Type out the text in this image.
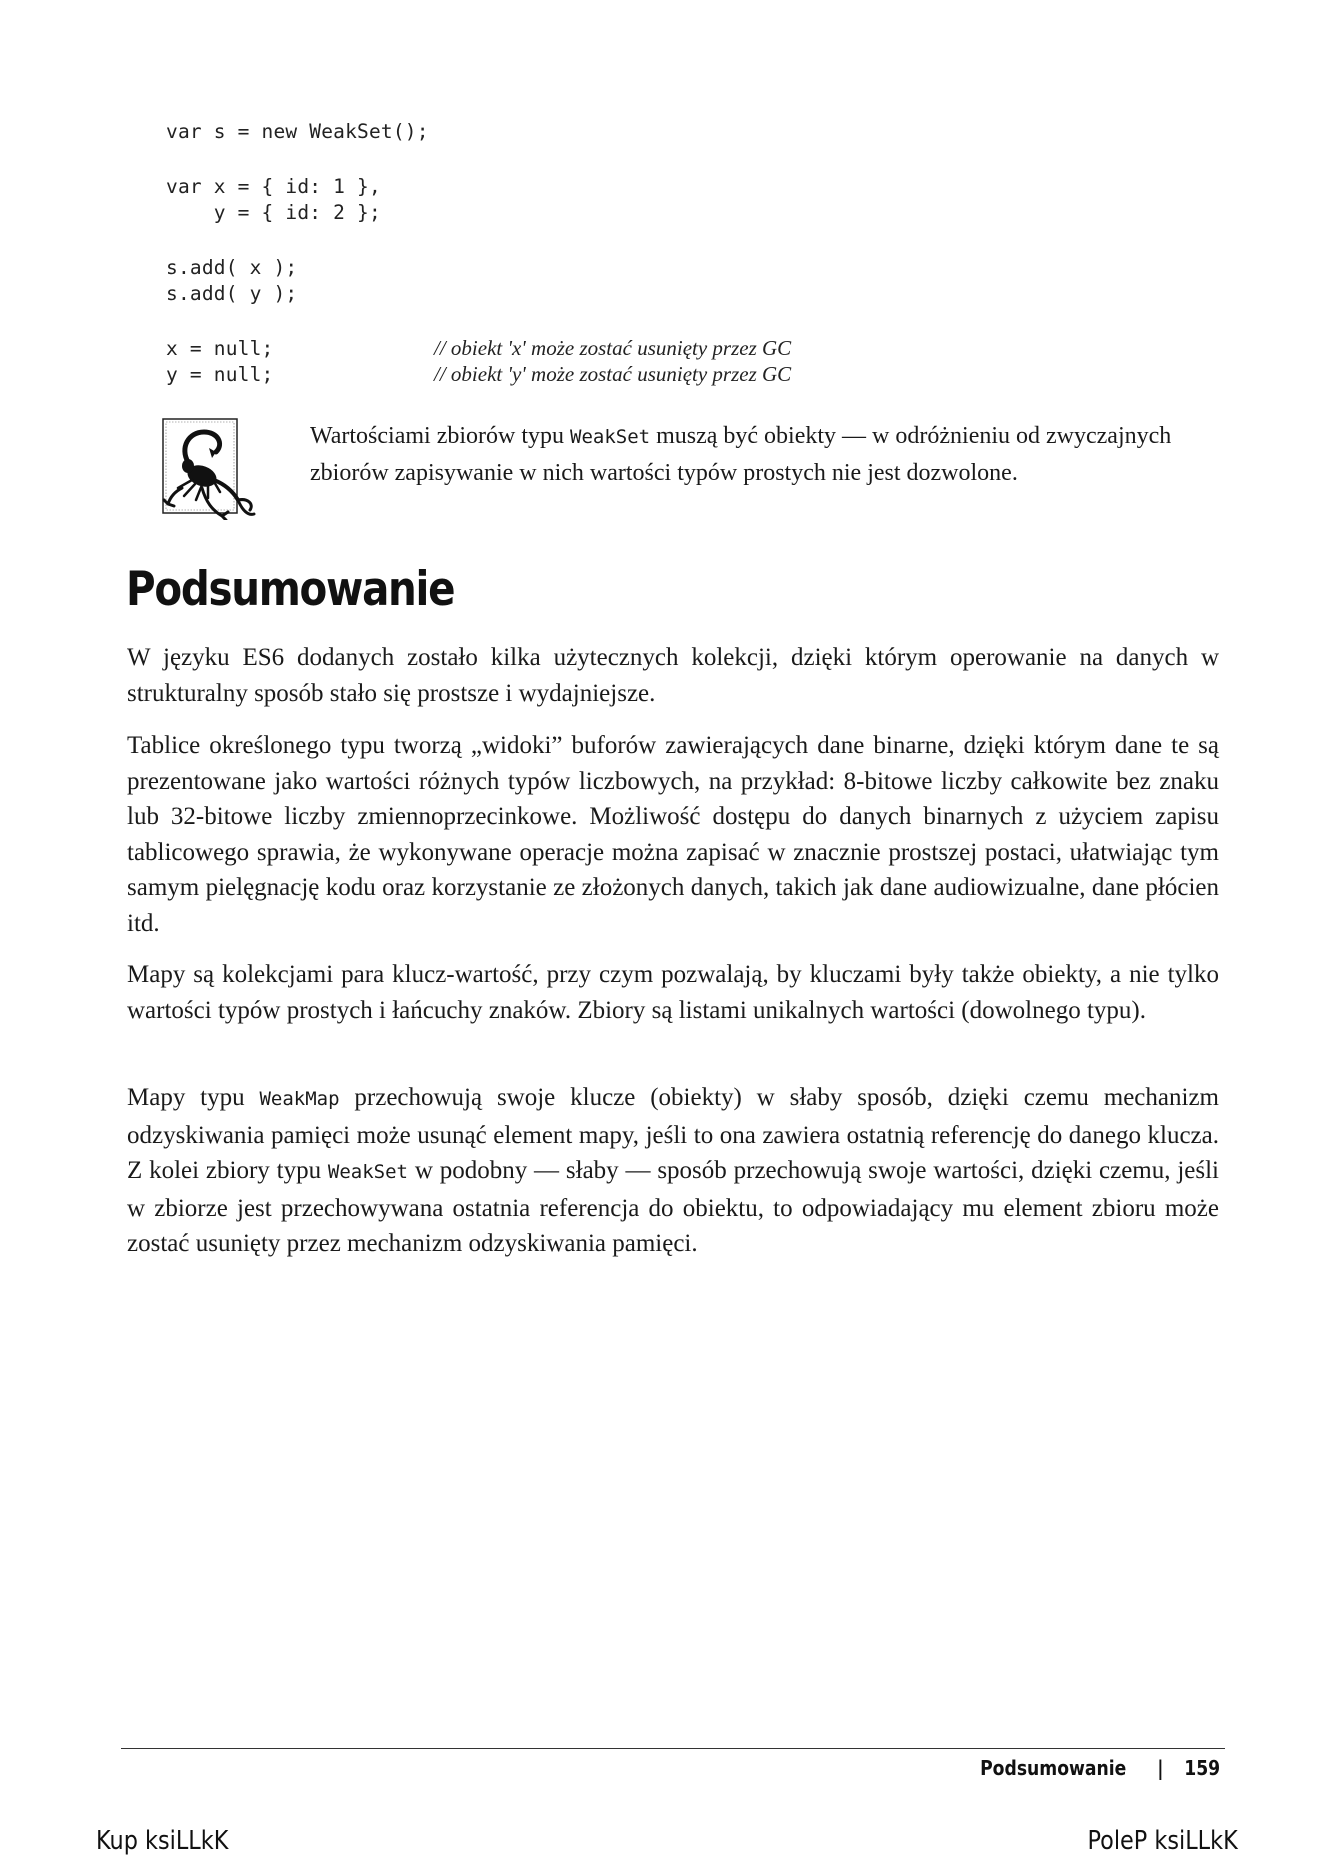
var s = new WeakSet();
var x = { id: 1 },
y = { id: 2 };
s.add( x );
s.add( y );
x = null;
y = null;
// obiekt 'x' może zostać usunięty przez GC
// obiekt 'y' może zostać usunięty przez GC
Wartościami zbiorów typu WeakSet muszą być obiekty — w odróżnieniu od zwyczajnych zbiorów zapisywanie w nich wartości typów prostych nie jest dozwolone.
Podsumowanie

W języku ES6 dodanych zostało kilka użytecznych kolekcji, dzięki którym operowanie na danych w strukturalny sposób stało się prostsze i wydajniejsze.

Tablice określonego typu tworzą „widoki” buforów zawierających dane binarne, dzięki którym dane te są prezentowane jako wartości różnych typów liczbowych, na przykład: 8-bitowe liczby całkowite bez znaku lub 32-bitowe liczby zmiennoprzecinkowe. Możliwość dostępu do danych binarnych z użyciem zapisu tablicowego sprawia, że wykonywane operacje można zapisać w znacznie prostszej postaci, ułatwiając tym samym pielęgnację kodu oraz korzystanie ze złożonych danych, takich jak dane audiowizualne, dane płócien itd.

Mapy są kolekcjami para klucz-wartość, przy czym pozwalają, by kluczami były także obiekty, a nie tylko wartości typów prostych i łańcuchy znaków. Zbiory są listami unikalnych wartości (dowolnego typu).

Mapy typu WeakMap przechowują swoje klucze (obiekty) w słaby sposób, dzięki czemu mechanizm odzyskiwania pamięci może usunąć element mapy, jeśli to ona zawiera ostatnią referencję do danego klucza. Z kolei zbiory typu WeakSet w podobny — słaby — sposób przechowują swoje wartości, dzięki czemu, jeśli w zbiorze jest przechowywana ostatnia referencja do obiektu, to odpowiadający mu element zbioru może zostać usunięty przez mechanizm odzyskiwania pamięci.

Podsumowanie | 159
Kup ksiLLkK	PoleP ksiLLkK
